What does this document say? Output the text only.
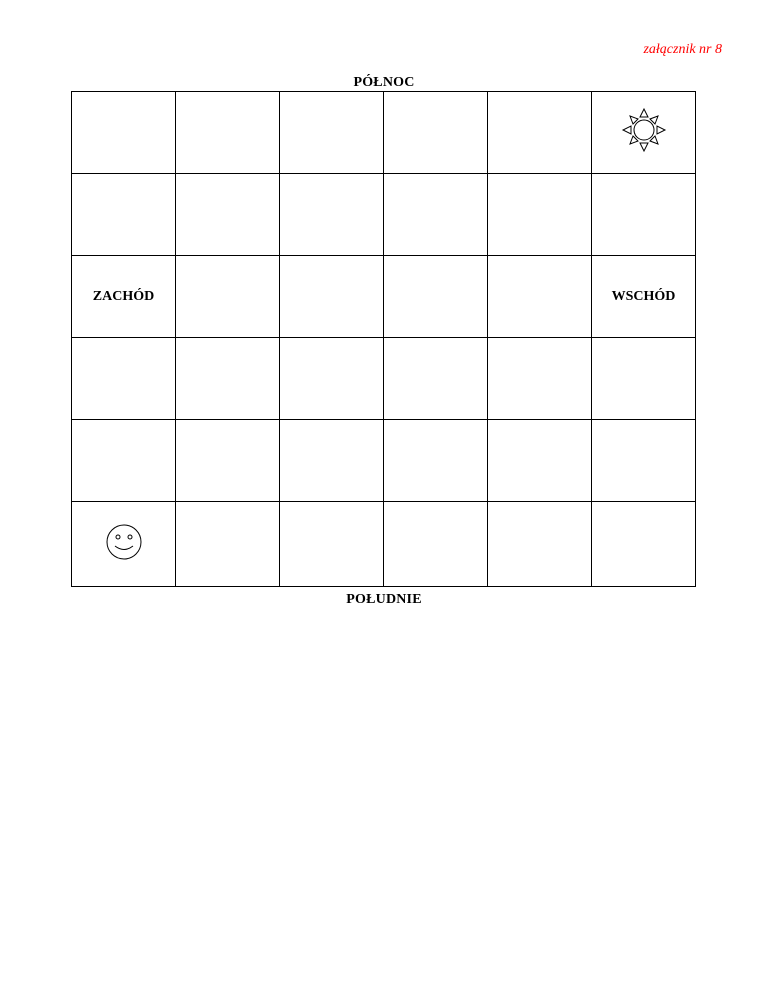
załącznik nr 8
PÓŁNOC

ZACHÓD					WSCHÓD

POŁUDNIE
